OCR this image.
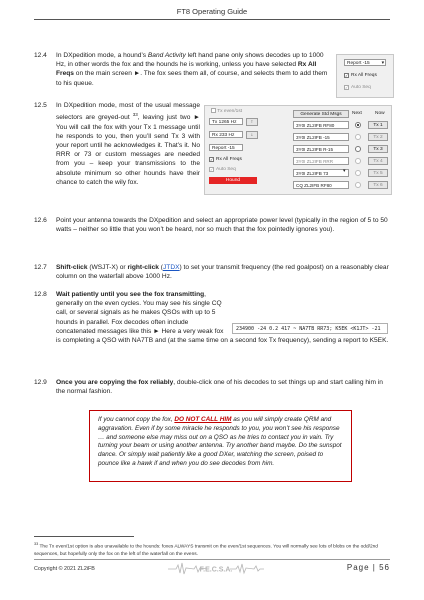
FT8 Operating Guide
12.4 In DXpedition mode, a hound’s Band Activity left hand pane only shows decodes up to 1000 Hz, in other words the fox and the hounds he is working, unless you have selected Rx All Freqs on the main screen ►. The fox sees them all, of course, and selects them to add them to his queue.
Report -15 ▾
✓ Rx All Freqs
✓ Auto Seq
12.5 In DXpedition mode, most of the usual message selectors are greyed-out $^{33}$, leaving just two ► You will call the fox with your Tx 1 message until he responds to you, then you’ll send Tx 3 with your report until he acknowledges it. That’s it. No RRR or 73 or custom messages are needed from you – keep your transmissions to the absolute minimum so other hounds have their chance to catch the wily fox.
Tx even/1st
Tx 1265 Hz	↑
Rx 233 Hz	↓
Report -15
✓ Rx All Freqs
✓ Auto Seq
Hound
Generate Std Msgs	Next	Now
3Y0I ZL2IFB RF80	Tx 1
3Y0I ZL2IFB -15	Tx 2
3Y0I ZL2IFB R-15	Tx 3
3Y0I ZL2IFB RRR	Tx 4
3Y0I ZL2IFB 73	▾	Tx 5
CQ ZL2IFB RF80	Tx 6
12.6 Point your antenna towards the DXpedition and select an appropriate power level (typically in the region of 5 to 50 watts – neither so little that you won’t be heard, nor so much that the fox pointedly ignores you).
12.7 Shift-click (WSJT-X) or right-click (JTDX) to set your transmit frequency (the red goalpost) on a reasonably clear column on the waterfall above 1000 Hz.
12.8 Wait patiently until you see the fox transmitting, generally on the even cycles. You may see his single CQ call, or several signals as he makes QSOs with up to 5 hounds in parallel. Fox decodes often include concatenated messages like this ► Here a very weak fox is completing a QSO with NA7TB and (at the same time on a second fox Tx frequency), sending a report to K5EK.
234900 -24 0.2 417 ~ NA7TB RR73; K5EK <K1JT> -21
12.9 Once you are copying the fox reliably, double-click one of his decodes to set things up and start calling him in the normal fashion.
If you cannot copy the fox, DO NOT CALL HIM as you will simply create QRM and aggravation. Even if by some miracle he responds to you, you won’t see his response … and someone else may miss out on a QSO as he tries to contact you in vain. Try turning your beam or using another antenna. Try another band maybe. Do the sunspot dance. Or simply wait patiently like a good DXer, watching the screen, poised to pounce like a hawk if and when you do see decodes from him.
$^{33}$ The Tx even/1st option is also unavailable to the hounds: foxes ALWAYS transmit on the even/1st sequences. You will normally see lots of blobs on the odd/2nd sequences, but hopefully only the fox on the left of the waterfall on the evens.
Copyright © 2021 ZL2iFB	F.E.C.S.A.	Page | 56
